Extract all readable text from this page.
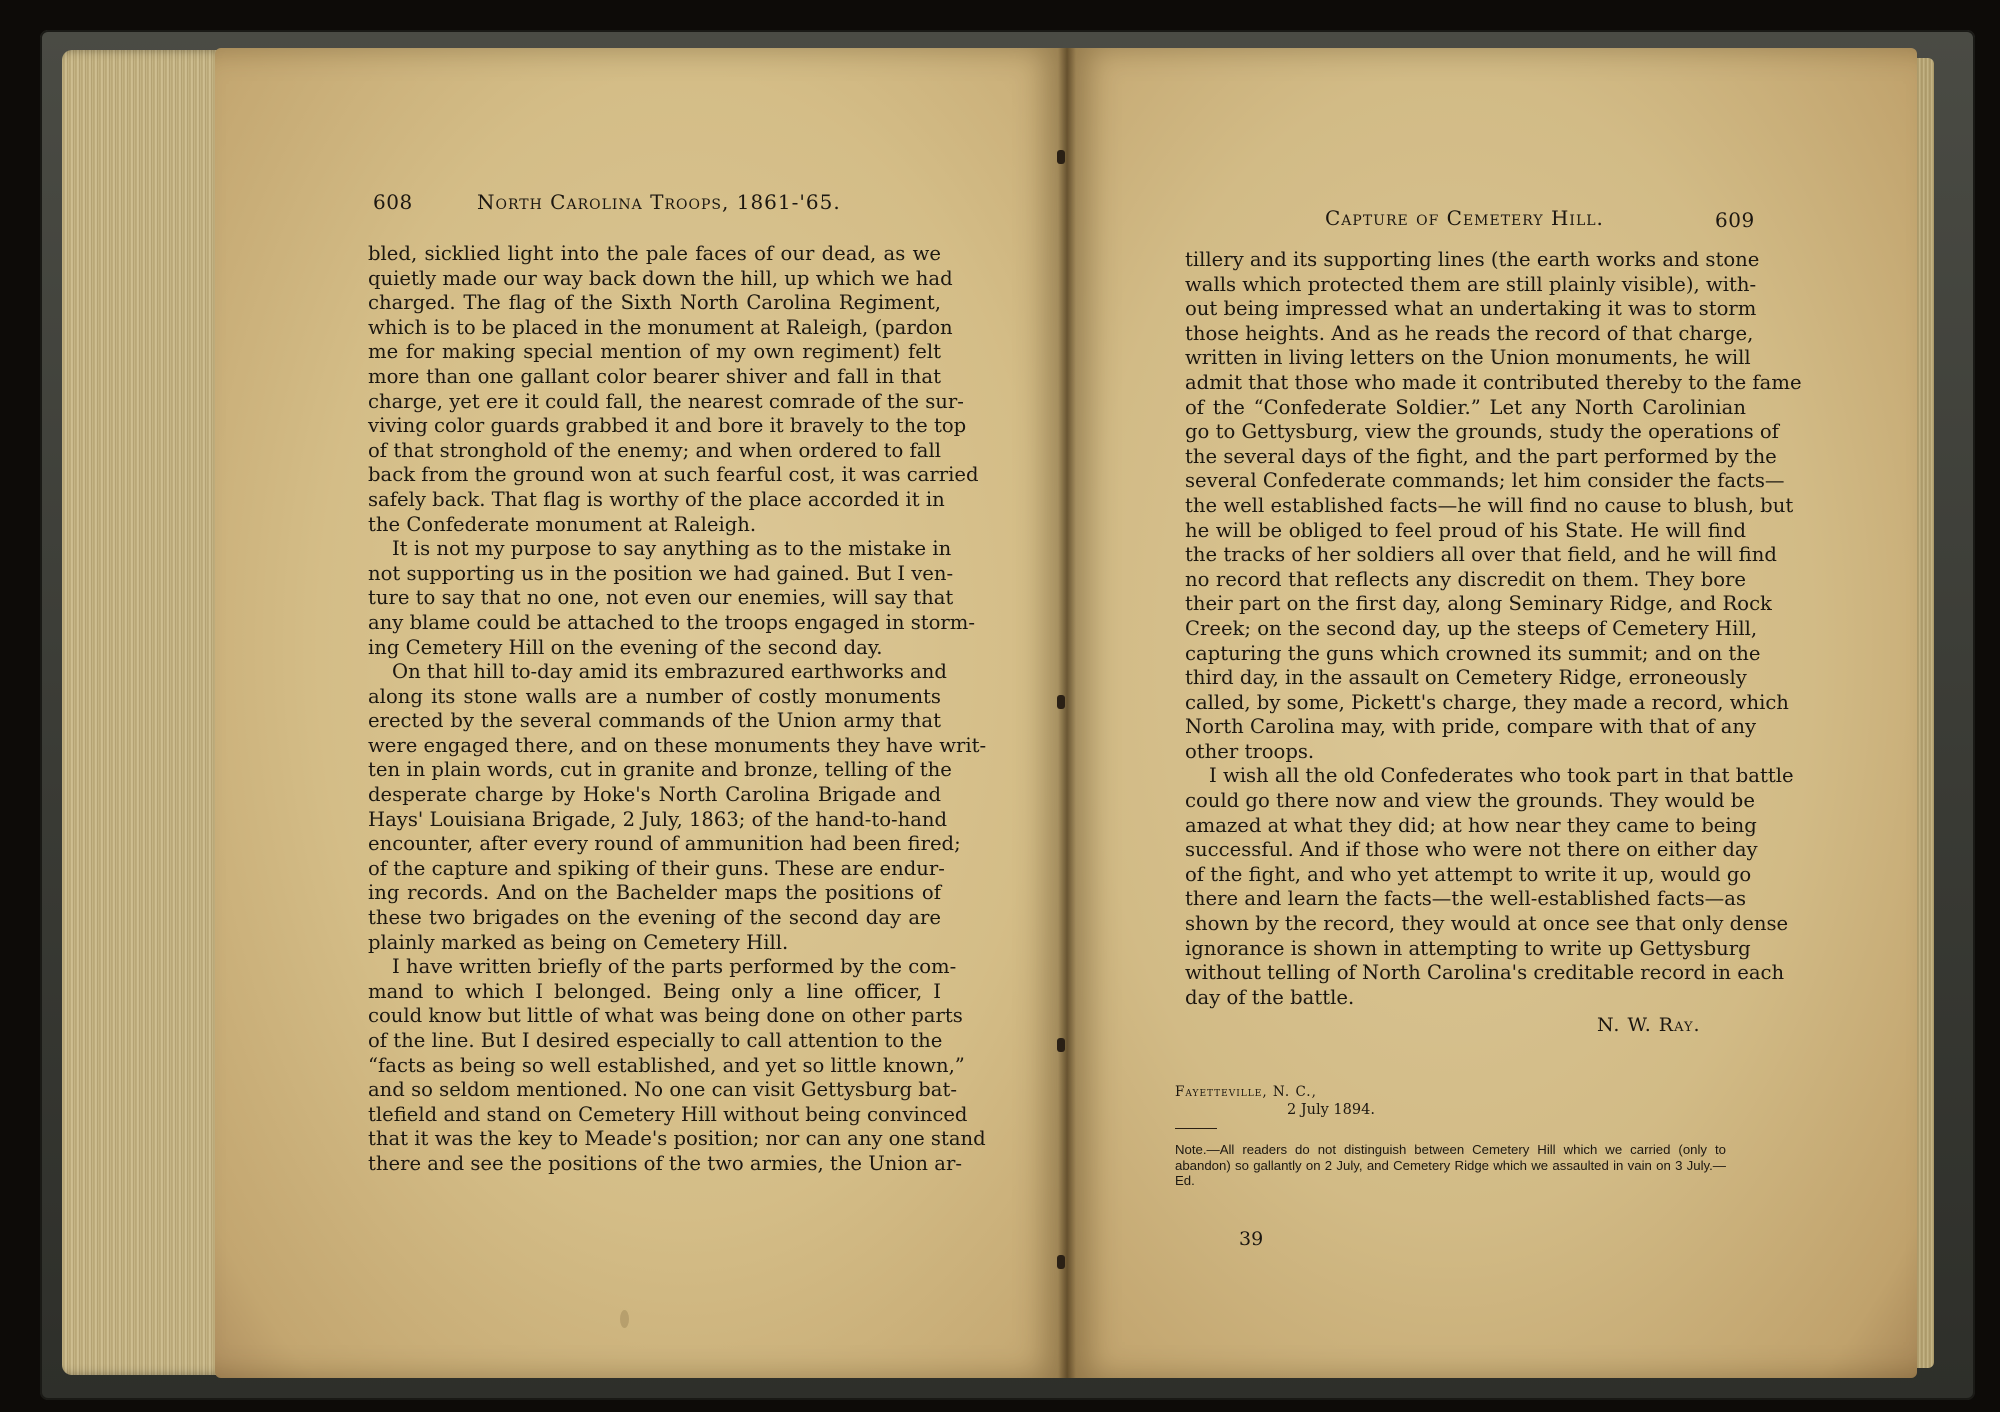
608	North Carolina Troops, 1861-'65.
bled, sicklied light into the pale faces of our dead, as we
quietly made our way back down the hill, up which we had
charged. The flag of the Sixth North Carolina Regiment,
which is to be placed in the monument at Raleigh, (pardon
me for making special mention of my own regiment) felt
more than one gallant color bearer shiver and fall in that
charge, yet ere it could fall, the nearest comrade of the sur-
viving color guards grabbed it and bore it bravely to the top
of that stronghold of the enemy; and when ordered to fall
back from the ground won at such fearful cost, it was carried
safely back. That flag is worthy of the place accorded it in
the Confederate monument at Raleigh.
It is not my purpose to say anything as to the mistake in
not supporting us in the position we had gained. But I ven-
ture to say that no one, not even our enemies, will say that
any blame could be attached to the troops engaged in storm-
ing Cemetery Hill on the evening of the second day.
On that hill to-day amid its embrazured earthworks and
along its stone walls are a number of costly monuments
erected by the several commands of the Union army that
were engaged there, and on these monuments they have writ-
ten in plain words, cut in granite and bronze, telling of the
desperate charge by Hoke's North Carolina Brigade and
Hays' Louisiana Brigade, 2 July, 1863; of the hand-to-hand
encounter, after every round of ammunition had been fired;
of the capture and spiking of their guns. These are endur-
ing records. And on the Bachelder maps the positions of
these two brigades on the evening of the second day are
plainly marked as being on Cemetery Hill.
I have written briefly of the parts performed by the com-
mand to which I belonged. Being only a line officer, I
could know but little of what was being done on other parts
of the line. But I desired especially to call attention to the
“facts as being so well established, and yet so little known,”
and so seldom mentioned. No one can visit Gettysburg bat-
tlefield and stand on Cemetery Hill without being convinced
that it was the key to Meade's position; nor can any one stand
there and see the positions of the two armies, the Union ar-
Capture of Cemetery Hill.	609
tillery and its supporting lines (the earth works and stone
walls which protected them are still plainly visible), with-
out being impressed what an undertaking it was to storm
those heights. And as he reads the record of that charge,
written in living letters on the Union monuments, he will
admit that those who made it contributed thereby to the fame
of the “Confederate Soldier.” Let any North Carolinian
go to Gettysburg, view the grounds, study the operations of
the several days of the fight, and the part performed by the
several Confederate commands; let him consider the facts—
the well established facts—he will find no cause to blush, but
he will be obliged to feel proud of his State. He will find
the tracks of her soldiers all over that field, and he will find
no record that reflects any discredit on them. They bore
their part on the first day, along Seminary Ridge, and Rock
Creek; on the second day, up the steeps of Cemetery Hill,
capturing the guns which crowned its summit; and on the
third day, in the assault on Cemetery Ridge, erroneously
called, by some, Pickett's charge, they made a record, which
North Carolina may, with pride, compare with that of any
other troops.
I wish all the old Confederates who took part in that battle
could go there now and view the grounds. They would be
amazed at what they did; at how near they came to being
successful. And if those who were not there on either day
of the fight, and who yet attempt to write it up, would go
there and learn the facts—the well-established facts—as
shown by the record, they would at once see that only dense
ignorance is shown in attempting to write up Gettysburg
without telling of North Carolina's creditable record in each
day of the battle.
N. W. Ray.
Fayetteville, N. C.,
2 July 1894.
Note.—All readers do not distinguish between Cemetery Hill which we carried (only to abandon) so gallantly on 2 July, and Cemetery Ridge which we assaulted in vain on 3 July.—Ed.
39
